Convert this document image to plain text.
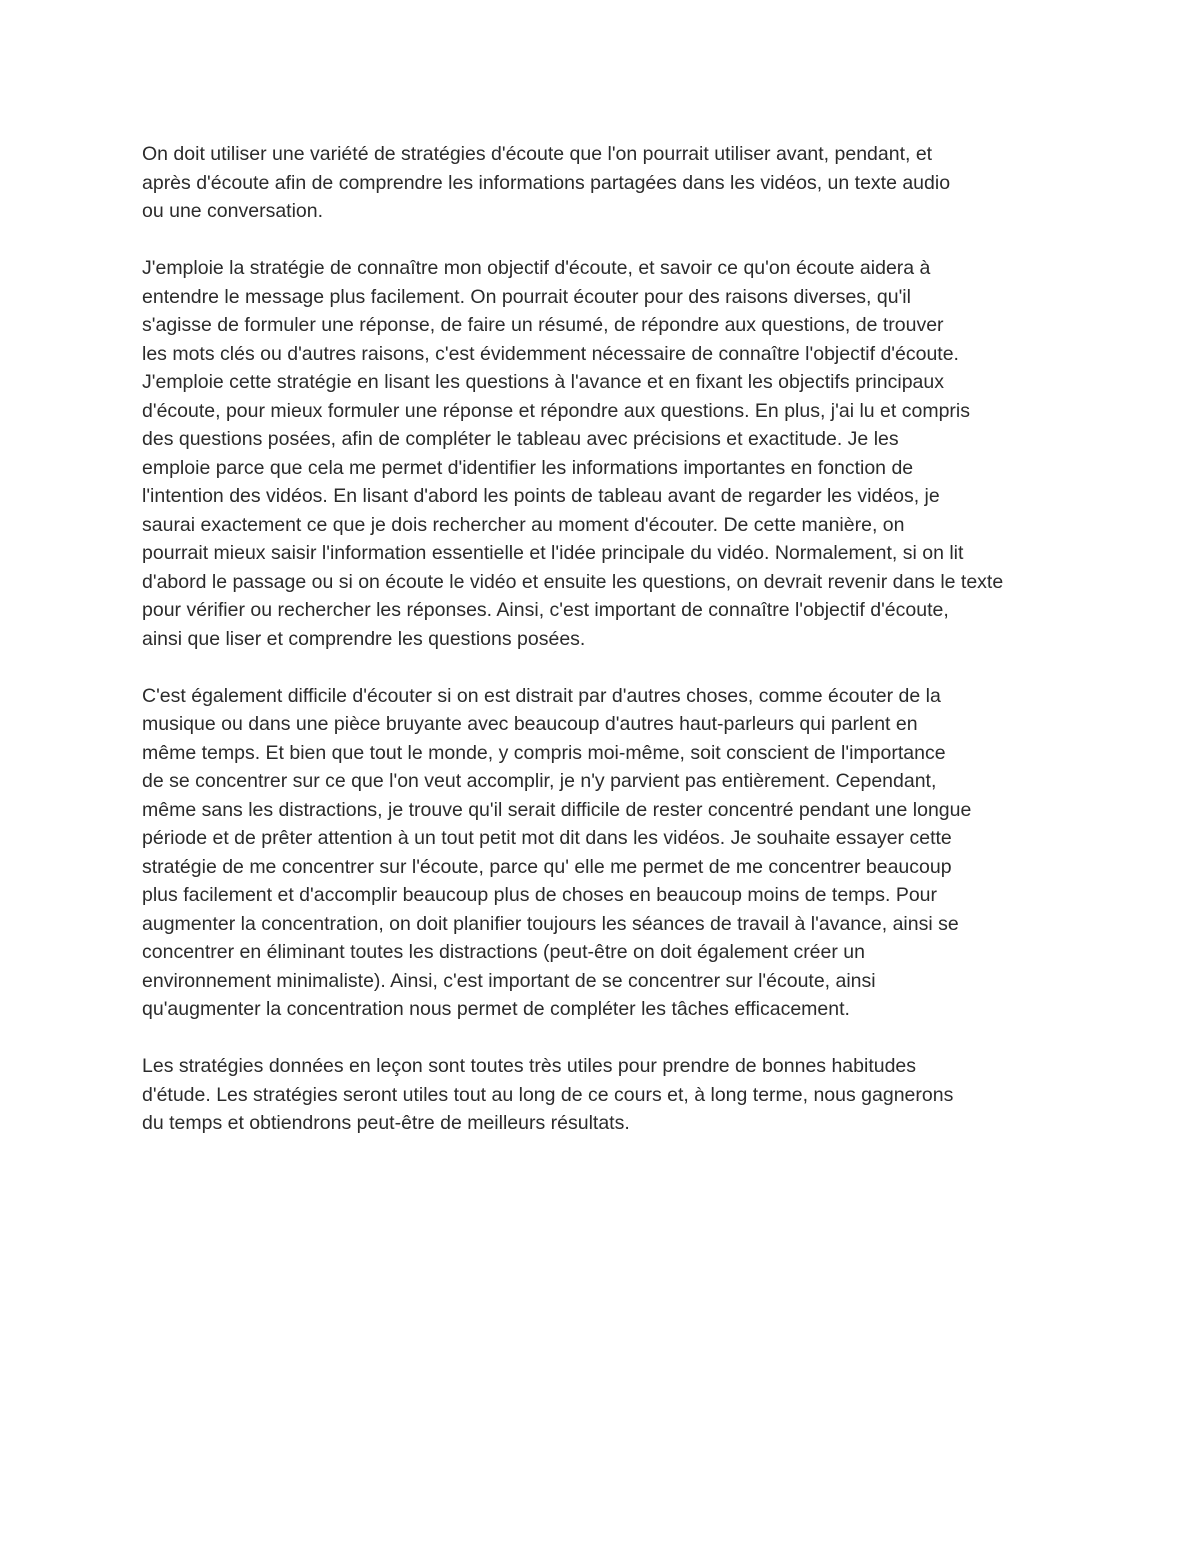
On doit utiliser une variété de stratégies d'écoute que l'on pourrait utiliser avant, pendant, et
après d'écoute afin de comprendre les informations partagées dans les vidéos, un texte audio
ou une conversation.

J'emploie la stratégie de connaître mon objectif d'écoute, et savoir ce qu'on écoute aidera à
entendre le message plus facilement. On pourrait écouter pour des raisons diverses, qu'il
s'agisse de formuler une réponse, de faire un résumé, de répondre aux questions, de trouver
les mots clés ou d'autres raisons, c'est évidemment nécessaire de connaître l'objectif d'écoute.
J'emploie cette stratégie en lisant les questions à l'avance et en fixant les objectifs principaux
d'écoute, pour mieux formuler une réponse et répondre aux questions. En plus, j'ai lu et compris
des questions posées, afin de compléter le tableau avec précisions et exactitude. Je les
emploie parce que cela me permet d'identifier les informations importantes en fonction de
l'intention des vidéos. En lisant d'abord les points de tableau avant de regarder les vidéos, je
saurai exactement ce que je dois rechercher au moment d'écouter. De cette manière, on
pourrait mieux saisir l'information essentielle et l'idée principale du vidéo. Normalement, si on lit
d'abord le passage ou si on écoute le vidéo et ensuite les questions, on devrait revenir dans le texte
pour vérifier ou rechercher les réponses. Ainsi, c'est important de connaître l'objectif d'écoute,
ainsi que liser et comprendre les questions posées.

C'est également difficile d'écouter si on est distrait par d'autres choses, comme écouter de la
musique ou dans une pièce bruyante avec beaucoup d'autres haut-parleurs qui parlent en
même temps. Et bien que tout le monde, y compris moi-même, soit conscient de l'importance
de se concentrer sur ce que l'on veut accomplir, je n'y parvient pas entièrement. Cependant,
même sans les distractions, je trouve qu'il serait difficile de rester concentré pendant une longue
période et de prêter attention à un tout petit mot dit dans les vidéos. Je souhaite essayer cette
stratégie de me concentrer sur l'écoute, parce qu' elle me permet de me concentrer beaucoup
plus facilement et d'accomplir beaucoup plus de choses en beaucoup moins de temps. Pour
augmenter la concentration, on doit planifier toujours les séances de travail à l'avance, ainsi se
concentrer en éliminant toutes les distractions (peut-être on doit également créer un
environnement minimaliste). Ainsi, c'est important de se concentrer sur l'écoute, ainsi
qu'augmenter la concentration nous permet de compléter les tâches efficacement.

Les stratégies données en leçon sont toutes très utiles pour prendre de bonnes habitudes
d'étude. Les stratégies seront utiles tout au long de ce cours et, à long terme, nous gagnerons
du temps et obtiendrons peut-être de meilleurs résultats.
